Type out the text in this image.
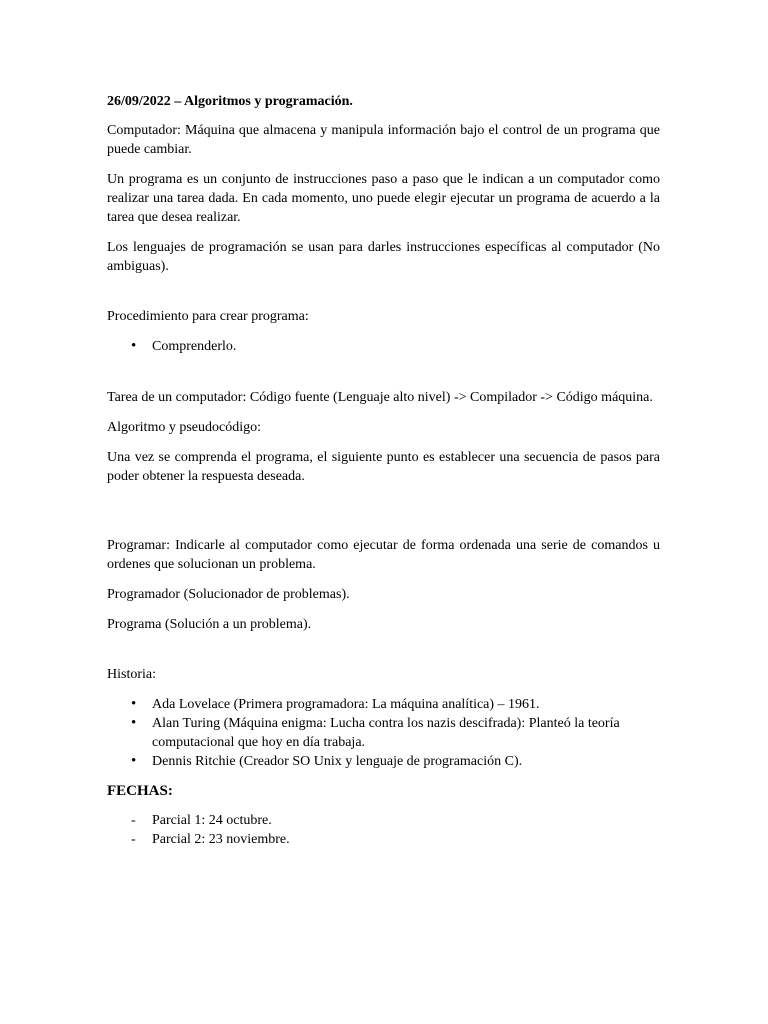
26/09/2022 – Algoritmos y programación.

Computador: Máquina que almacena y manipula información bajo el control de un programa que puede cambiar.

Un programa es un conjunto de instrucciones paso a paso que le indican a un computador como realizar una tarea dada. En cada momento, uno puede elegir ejecutar un programa de acuerdo a la tarea que desea realizar.

Los lenguajes de programación se usan para darles instrucciones específicas al computador (No ambiguas).

Procedimiento para crear programa:

•
Comprenderlo.

Tarea de un computador: Código fuente (Lenguaje alto nivel) -> Compilador -> Código máquina.

Algoritmo y pseudocódigo:

Una vez se comprenda el programa, el siguiente punto es establecer una secuencia de pasos para poder obtener la respuesta deseada.

Programar: Indicarle al computador como ejecutar de forma ordenada una serie de comandos u ordenes que solucionan un problema.

Programador (Solucionador de problemas).

Programa (Solución a un problema).

Historia:

•
Ada Lovelace (Primera programadora: La máquina analítica) – 1961.
•
Alan Turing (Máquina enigma: Lucha contra los nazis descifrada): Planteó la teoría computacional que hoy en día trabaja.
•
Dennis Ritchie (Creador SO Unix y lenguaje de programación C).

FECHAS:

-
Parcial 1: 24 octubre.
-
Parcial 2: 23 noviembre.
